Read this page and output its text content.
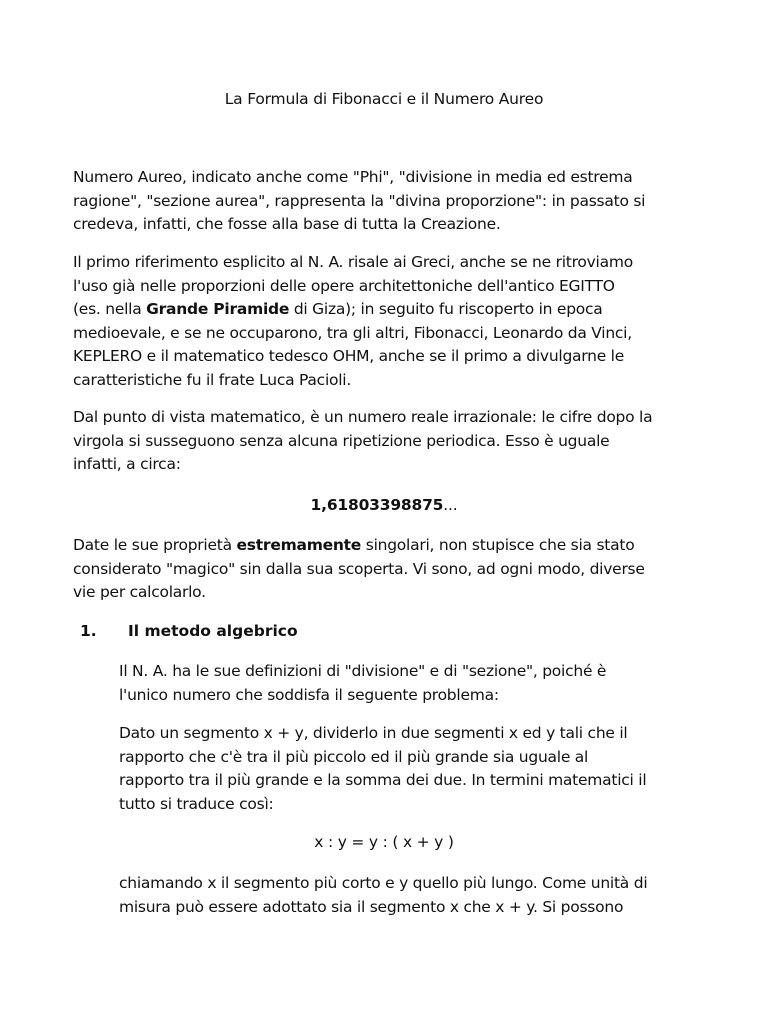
La Formula di Fibonacci e il Numero Aureo
Numero Aureo, indicato anche come "Phi", "divisione in media ed estrema
ragione", "sezione aurea", rappresenta la "divina proporzione": in passato si
credeva, infatti, che fosse alla base di tutta la Creazione.
Il primo riferimento esplicito al N. A. risale ai Greci, anche se ne ritroviamo
l'uso già nelle proporzioni delle opere architettoniche dell'antico EGITTO
(es. nella Grande Piramide di Giza); in seguito fu riscoperto in epoca
medioevale, e se ne occuparono, tra gli altri, Fibonacci, Leonardo da Vinci,
KEPLERO e il matematico tedesco OHM, anche se il primo a divulgarne le
caratteristiche fu il frate Luca Pacioli.
Dal punto di vista matematico, è un numero reale irrazionale: le cifre dopo la
virgola si susseguono senza alcuna ripetizione periodica. Esso è uguale
infatti, a circa:
1,61803398875...
Date le sue proprietà estremamente singolari, non stupisce che sia stato
considerato "magico" sin dalla sua scoperta. Vi sono, ad ogni modo, diverse
vie per calcolarlo.
1. Il metodo algebrico
Il N. A. ha le sue definizioni di "divisione" e di "sezione", poiché è
l'unico numero che soddisfa il seguente problema:
Dato un segmento x + y, dividerlo in due segmenti x ed y tali che il
rapporto che c'è tra il più piccolo ed il più grande sia uguale al
rapporto tra il più grande e la somma dei due. In termini matematici il
tutto si traduce così:
x : y = y : ( x + y )
chiamando x il segmento più corto e y quello più lungo. Come unità di
misura può essere adottato sia il segmento x che x + y. Si possono
